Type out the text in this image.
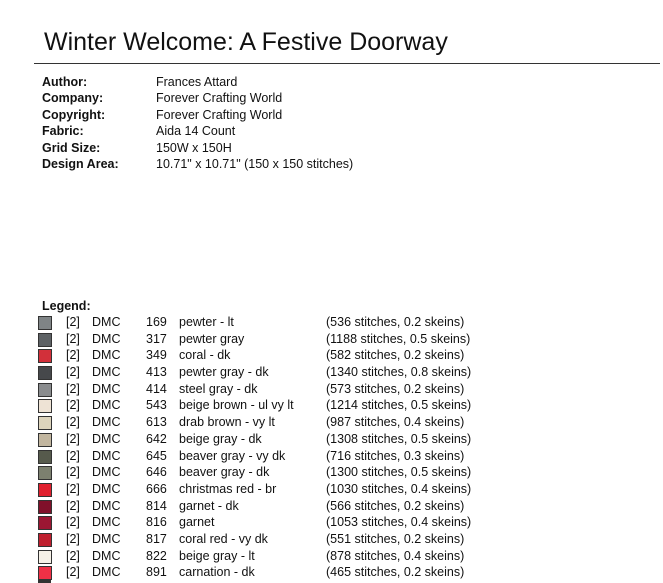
Winter Welcome: A Festive Doorway
Author:	Frances Attard
Company:	Forever Crafting World
Copyright:	Forever Crafting World
Fabric:	Aida 14 Count
Grid Size:	150W x 150H
Design Area:	10.71" x 10.71" (150 x 150 stitches)
Legend:
[2] DMC 169 pewter - lt	(536 stitches, 0.2 skeins)
[2] DMC 317 pewter gray	(1188 stitches, 0.5 skeins)
[2] DMC 349 coral - dk	(582 stitches, 0.2 skeins)
[2] DMC 413 pewter gray - dk	(1340 stitches, 0.8 skeins)
[2] DMC 414 steel gray - dk	(573 stitches, 0.2 skeins)
[2] DMC 543 beige brown - ul vy lt	(1214 stitches, 0.5 skeins)
[2] DMC 613 drab brown - vy lt	(987 stitches, 0.4 skeins)
[2] DMC 642 beige gray - dk	(1308 stitches, 0.5 skeins)
[2] DMC 645 beaver gray - vy dk	(716 stitches, 0.3 skeins)
[2] DMC 646 beaver gray - dk	(1300 stitches, 0.5 skeins)
[2] DMC 666 christmas red - br	(1030 stitches, 0.4 skeins)
[2] DMC 814 garnet - dk	(566 stitches, 0.2 skeins)
[2] DMC 816 garnet	(1053 stitches, 0.4 skeins)
[2] DMC 817 coral red - vy dk	(551 stitches, 0.2 skeins)
[2] DMC 822 beige gray - lt	(878 stitches, 0.4 skeins)
[2] DMC 891 carnation - dk	(465 stitches, 0.2 skeins)
